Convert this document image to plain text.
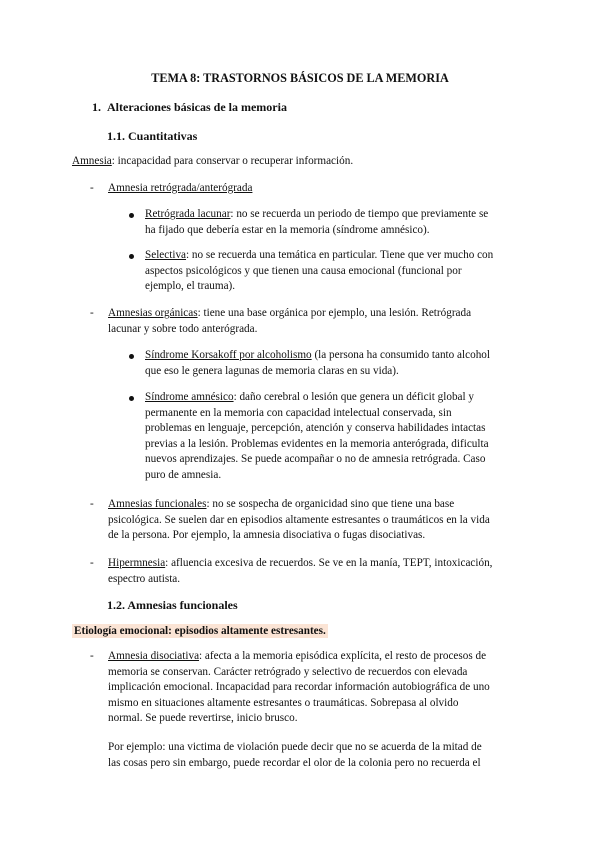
TEMA 8: TRASTORNOS BÁSICOS DE LA MEMORIA
1. Alteraciones básicas de la memoria
1.1. Cuantitativas

Amnesia: incapacidad para conservar o recuperar información.

- Amnesia retrógrada/anterógrada

Retrógrada lacunar: no se recuerda un periodo de tiempo que previamente se
ha fijado que debería estar en la memoria (síndrome amnésico).
Selectiva: no se recuerda una temática en particular. Tiene que ver mucho con
aspectos psicológicos y que tienen una causa emocional (funcional por
ejemplo, el trauma).
- Amnesias orgánicas: tiene una base orgánica por ejemplo, una lesión. Retrógrada
lacunar y sobre todo anterógrada.
Síndrome Korsakoff por alcoholismo (la persona ha consumido tanto alcohol
que eso le genera lagunas de memoria claras en su vida).
Síndrome amnésico: daño cerebral o lesión que genera un déficit global y
permanente en la memoria con capacidad intelectual conservada, sin
problemas en lenguaje, percepción, atención y conserva habilidades intactas
previas a la lesión. Problemas evidentes en la memoria anterógrada, dificulta
nuevos aprendizajes. Se puede acompañar o no de amnesia retrógrada. Caso
puro de amnesia.
- Amnesias funcionales: no se sospecha de organicidad sino que tiene una base
psicológica. Se suelen dar en episodios altamente estresantes o traumáticos en la vida
de la persona. Por ejemplo, la amnesia disociativa o fugas disociativas.
- Hipermnesia: afluencia excesiva de recuerdos. Se ve en la manía, TEPT, intoxicación,
espectro autista.
1.2. Amnesias funcionales
Etiología emocional: episodios altamente estresantes.
- Amnesia disociativa: afecta a la memoria episódica explícita, el resto de procesos de
memoria se conservan. Carácter retrógrado y selectivo de recuerdos con elevada
implicación emocional. Incapacidad para recordar información autobiográfica de uno
mismo en situaciones altamente estresantes o traumáticas. Sobrepasa al olvido
normal. Se puede revertirse, inicio brusco.
Por ejemplo: una victima de violación puede decir que no se acuerda de la mitad de
las cosas pero sin embargo, puede recordar el olor de la colonia pero no recuerda el
